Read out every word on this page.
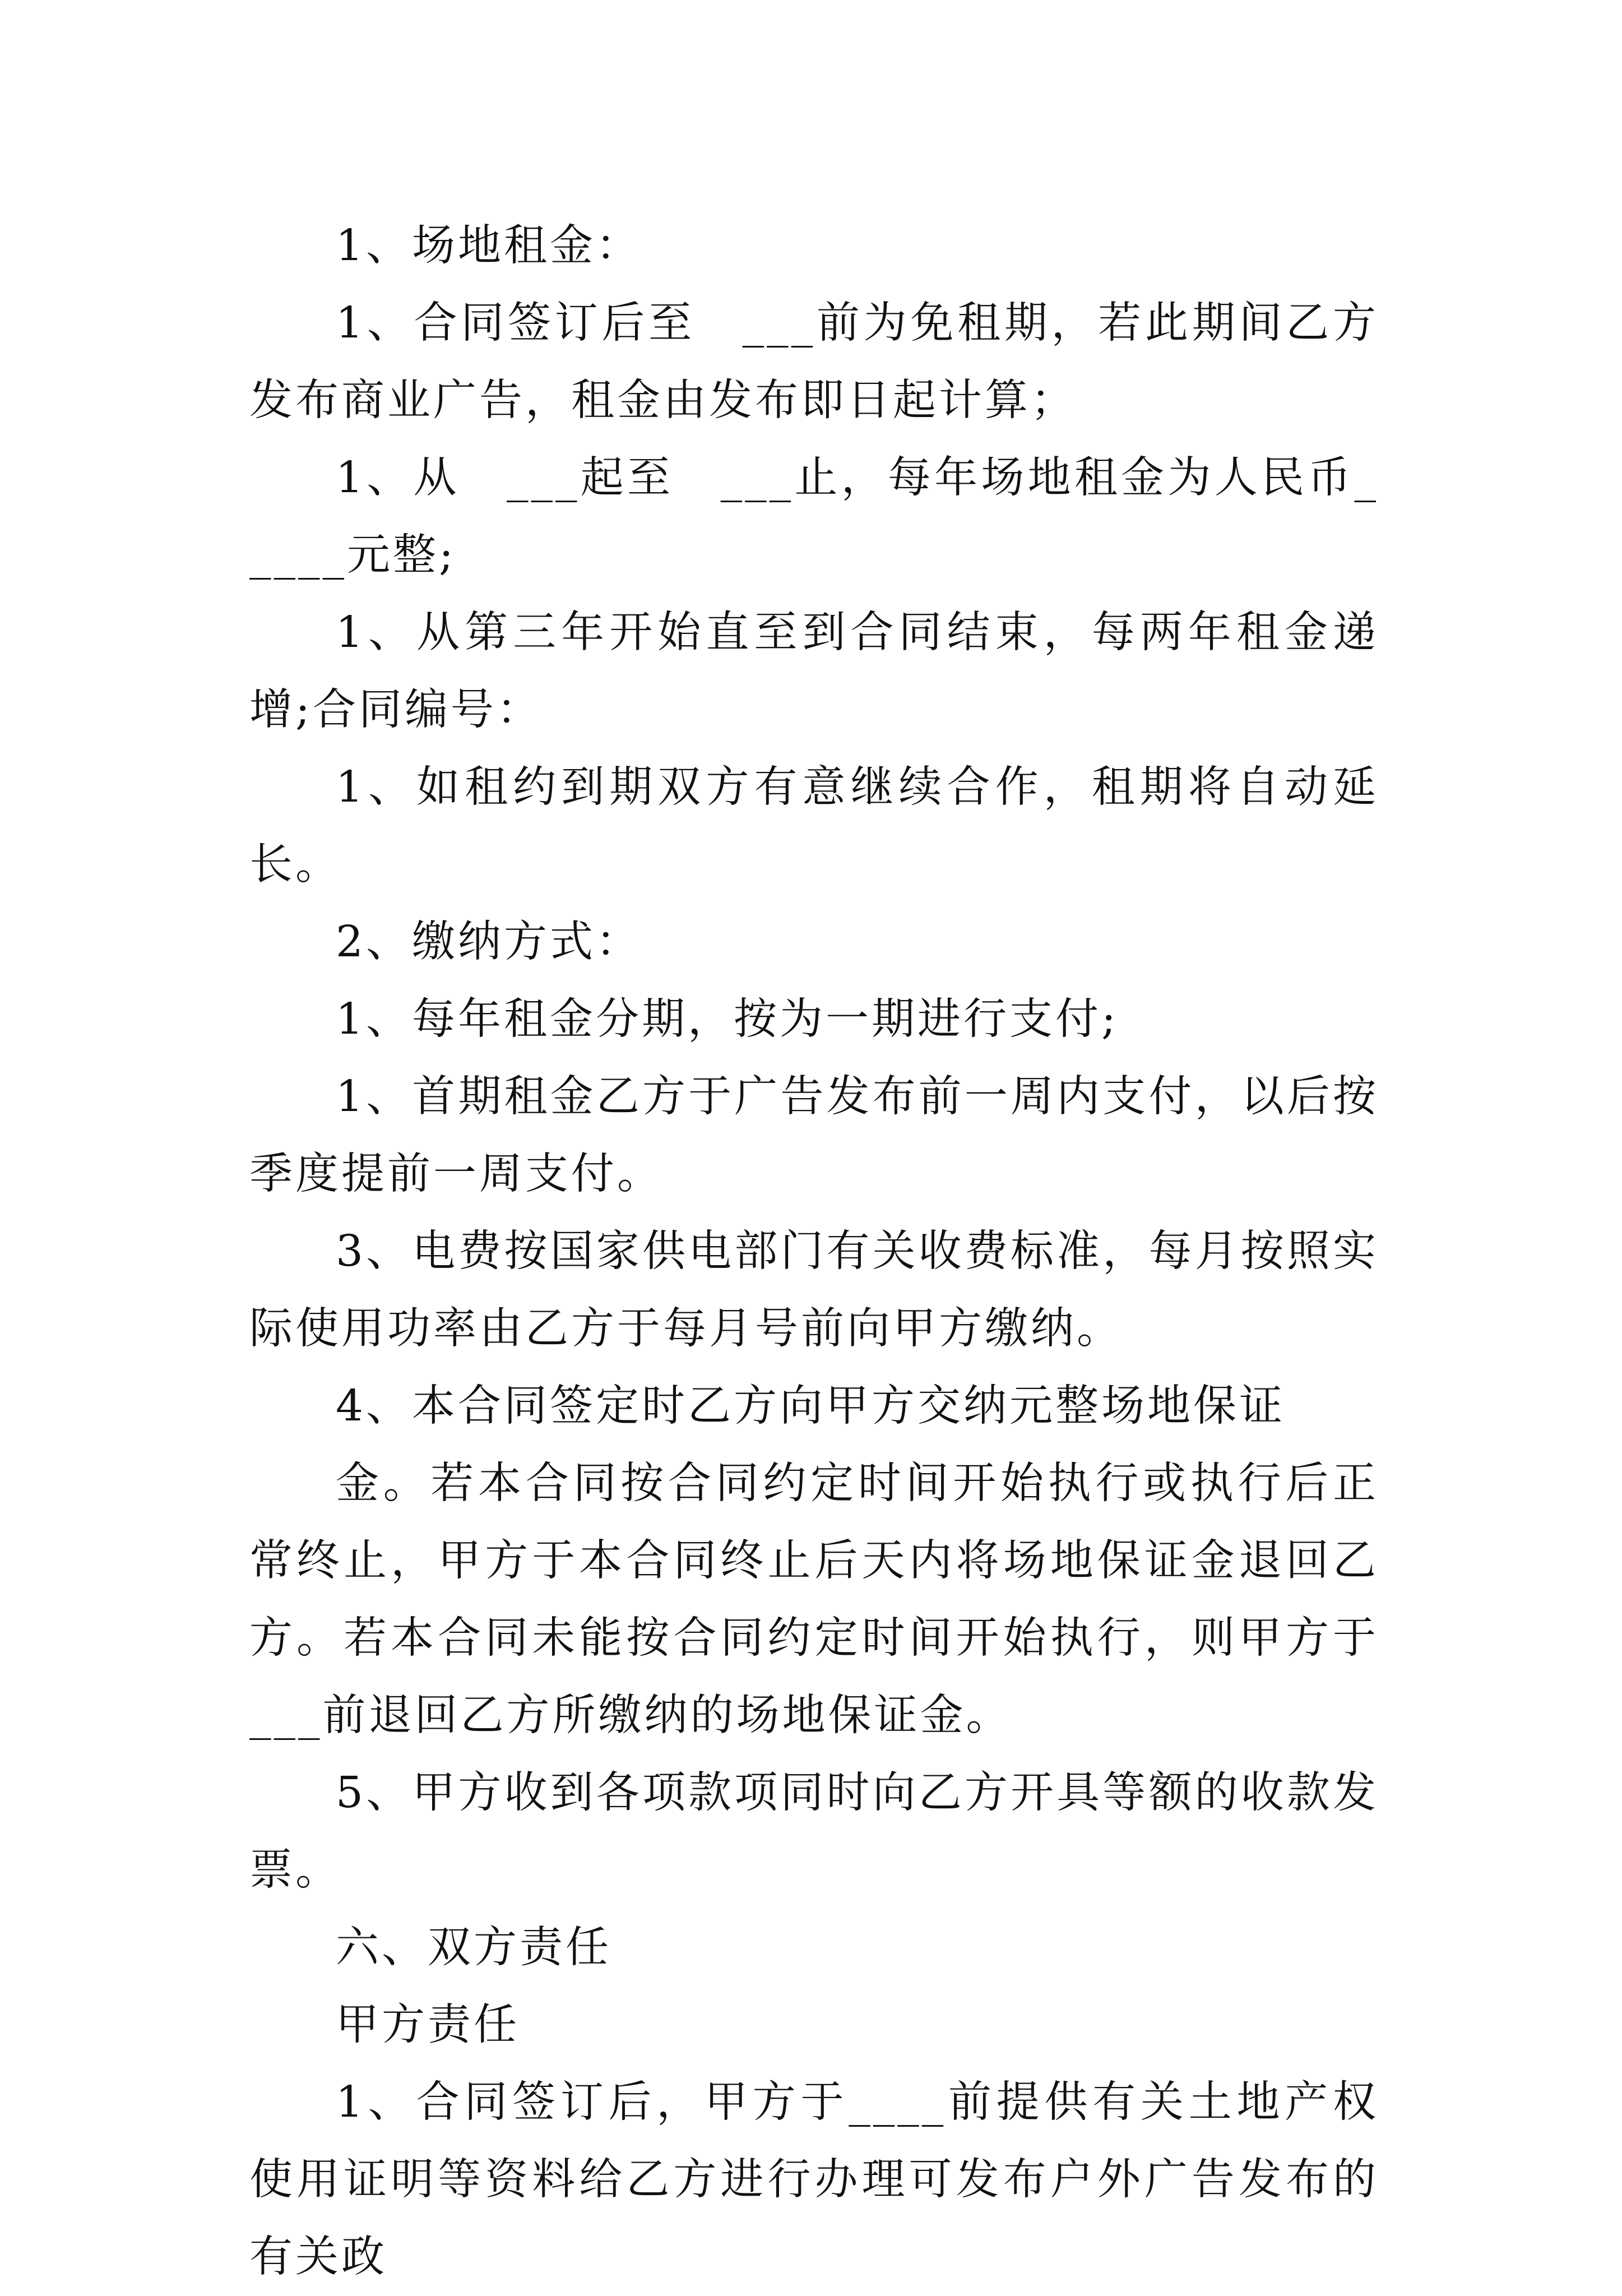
1、场地租金：

1、合同签订后至　___前为免租期，若此期间乙方发布商业广告，租金由发布即日起计算；

1、从　___起至　___止，每年场地租金为人民币_____元整;

1、从第三年开始直至到合同结束，每两年租金递增;合同编号：

1、如租约到期双方有意继续合作，租期将自动延长。

2、缴纳方式：

1、每年租金分期，按为一期进行支付;

1、首期租金乙方于广告发布前一周内支付，以后按季度提前一周支付。

3、电费按国家供电部门有关收费标准，每月按照实际使用功率由乙方于每月号前向甲方缴纳。

4、本合同签定时乙方向甲方交纳元整场地保证

金。若本合同按合同约定时间开始执行或执行后正常终止，甲方于本合同终止后天内将场地保证金退回乙方。若本合同未能按合同约定时间开始执行，则甲方于　___前退回乙方所缴纳的场地保证金。

5、甲方收到各项款项同时向乙方开具等额的收款发票。

六、双方责任

甲方责任

1、合同签订后，甲方于____前提供有关土地产权使用证明等资料给乙方进行办理可发布户外广告发布的有关政
